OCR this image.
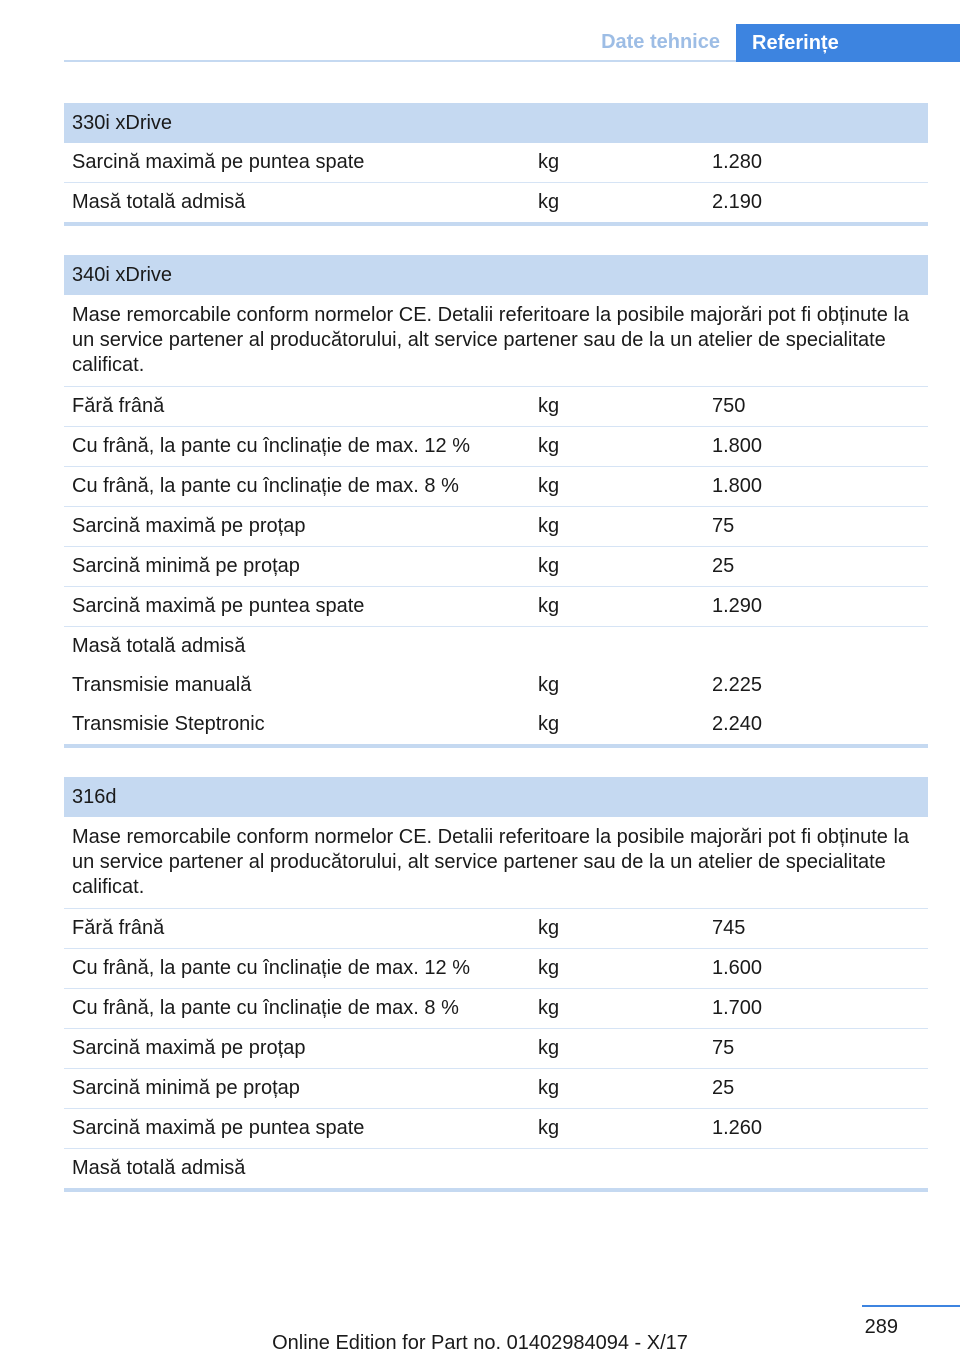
Date tehnice	Referințe
330i xDrive
Sarcină maximă pe puntea spate	kg	1.280
Masă totală admisă	kg	2.190
340i xDrive
Mase remorcabile conform normelor CE. Detalii referitoare la posibile majorări pot fi obținute la un service partener al producătorului, alt service partener sau de la un atelier de specialitate calificat.
Fără frână	kg	750
Cu frână, la pante cu înclinație de max. 12 %	kg	1.800
Cu frână, la pante cu înclinație de max. 8 %	kg	1.800
Sarcină maximă pe proțap	kg	75
Sarcină minimă pe proțap	kg	25
Sarcină maximă pe puntea spate	kg	1.290
Masă totală admisă
Transmisie manuală	kg	2.225
Transmisie Steptronic	kg	2.240
316d
Mase remorcabile conform normelor CE. Detalii referitoare la posibile majorări pot fi obținute la un service partener al producătorului, alt service partener sau de la un atelier de specialitate calificat.
Fără frână	kg	745
Cu frână, la pante cu înclinație de max. 12 %	kg	1.600
Cu frână, la pante cu înclinație de max. 8 %	kg	1.700
Sarcină maximă pe proțap	kg	75
Sarcină minimă pe proțap	kg	25
Sarcină maximă pe puntea spate	kg	1.260
Masă totală admisă
289
Online Edition for Part no. 01402984094 - X/17
